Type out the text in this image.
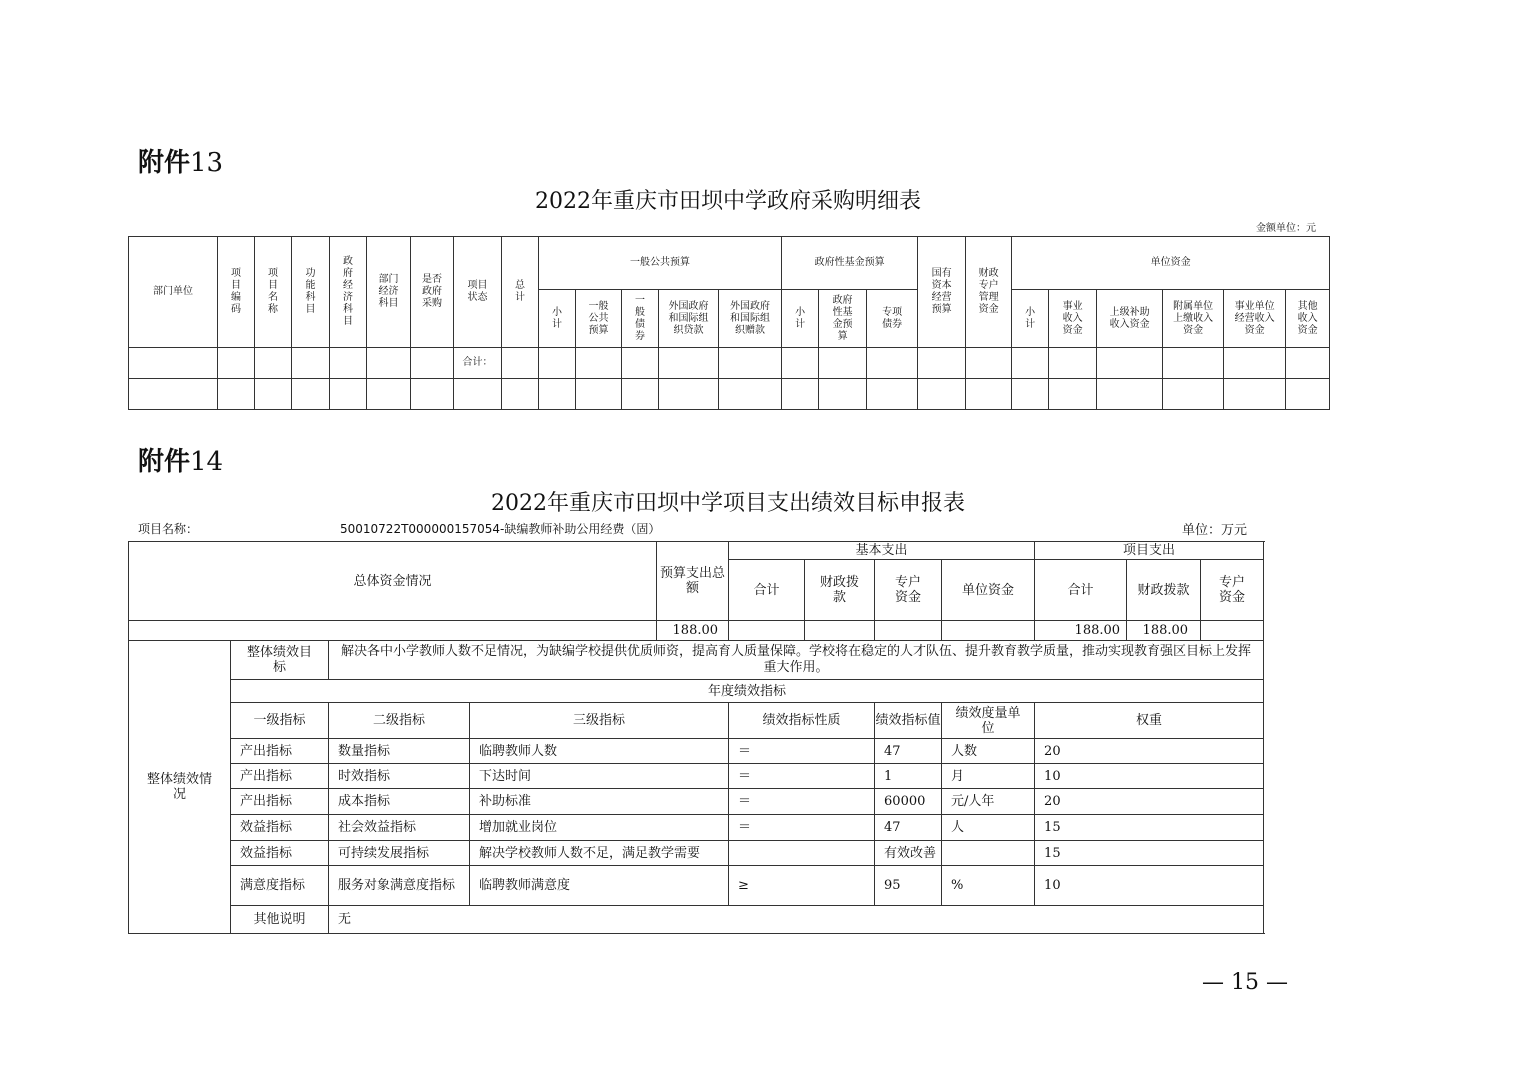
附件13
2022年重庆市田坝中学政府采购明细表
金额单位：元
部门单位	项目编码	项目名称	功能科目	政府经济科目	部门经济科目	是否政府采购	项目状态	总计	一般公共预算					政府性基金预算			国有资本经营预算	财政专户管理资金	单位资金					
									小计	一般公共预算	一般债券	外国政府和国际组织贷款	外国政府和国际组织赠款	小计	政府性基金预算	专项债券			小计	事业收入资金	上级补助收入资金	附属单位上缴收入资金	事业单位经营收入资金	其他收入资金
							合计：																	

附件14
2022年重庆市田坝中学项目支出绩效目标申报表
项目名称：	50010722T000000157054-缺编教师补助公用经费（固）	单位：万元
总体资金情况				预算支出总额	基本支出				项目支出			
					合计	财政拨款	专户资金	单位资金	合计	财政拨款	专户资金	
				188.00					188.00	188.00		
整体绩效情况	整体绩效目标	解决各中小学教师人数不足情况，为缺编学校提供优质师资，提高育人质量保障。学校将在稳定的人才队伍、提升教育教学质量，推动实现教育强区目标上发挥重大作用。										
	年度绩效指标											
	一级指标	二级指标	三级指标		绩效指标性质		绩效指标值	绩效度量单位	权重			
	产出指标	数量指标	临聘教师人数		＝		47	人数	20			
	产出指标	时效指标	下达时间		＝		1	月	10			
	产出指标	成本指标	补助标准		＝		60000	元/人年	20			
	效益指标	社会效益指标	增加就业岗位		＝		47	人	15			
	效益指标	可持续发展指标	解决学校教师人数不足，满足教学需要				有效改善		15			
	满意度指标	服务对象满意度指标	临聘教师满意度		≥		95	%	10			
	其他说明	无										
— 15 —
